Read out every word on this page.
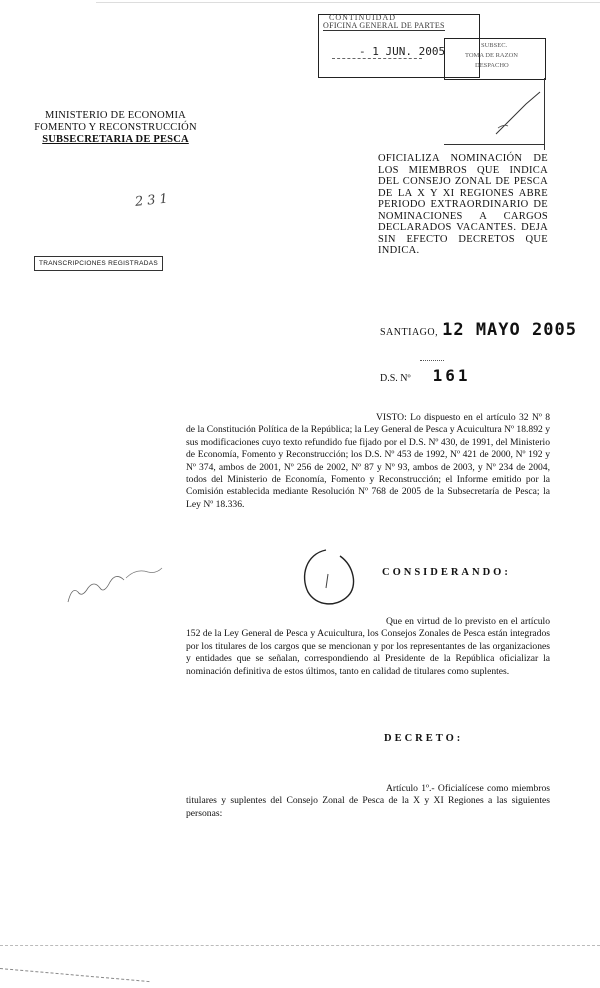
CONTINUIDAD
OFICINA GENERAL DE PARTES
- 1 JUN. 2005	SUBSEC.
TOMA DE RAZON
DESPACHO
MINISTERIO DE ECONOMIA
FOMENTO Y RECONSTRUCCIÓN
SUBSECRETARIA DE PESCA
231
TRANSCRIPCIONES REGISTRADAS
OFICIALIZA NOMINACIÓN DE LOS MIEMBROS QUE INDICA DEL CONSEJO ZONAL DE PESCA DE LA X Y XI REGIONES ABRE PERIODO EXTRAORDINARIO DE NOMINACIONES A CARGOS DECLARADOS VACANTES. DEJA SIN EFECTO DECRETOS QUE INDICA.
SANTIAGO, 12 MAYO 2005
D.S. Nº 161
VISTO: Lo dispuesto en el artículo 32 Nº 8 de la Constitución Política de la República; la Ley General de Pesca y Acuicultura Nº 18.892 y sus modificaciones cuyo texto refundido fue fijado por el D.S. Nº 430, de 1991, del Ministerio de Economía, Fomento y Reconstrucción; los D.S. Nº 453 de 1992, Nº 421 de 2000, Nº 192 y Nº 374, ambos de 2001, Nº 256 de 2002, Nº 87 y Nº 93, ambos de 2003, y Nº 234 de 2004, todos del Ministerio de Economía, Fomento y Reconstrucción; el Informe emitido por la Comisión establecida mediante Resolución Nº 768 de 2005 de la Subsecretaría de Pesca; la Ley Nº 18.336.
CONSIDERANDO:
Que en virtud de lo previsto en el artículo 152 de la Ley General de Pesca y Acuicultura, los Consejos Zonales de Pesca están integrados por los titulares de los cargos que se mencionan y por los representantes de las organizaciones y entidades que se señalan, correspondiendo al Presidente de la República oficializar la nominación definitiva de estos últimos, tanto en calidad de titulares como suplentes.
DECRETO:
Artículo 1º.- Oficialícese como miembros titulares y suplentes del Consejo Zonal de Pesca de la X y XI Regiones a las siguientes personas:
